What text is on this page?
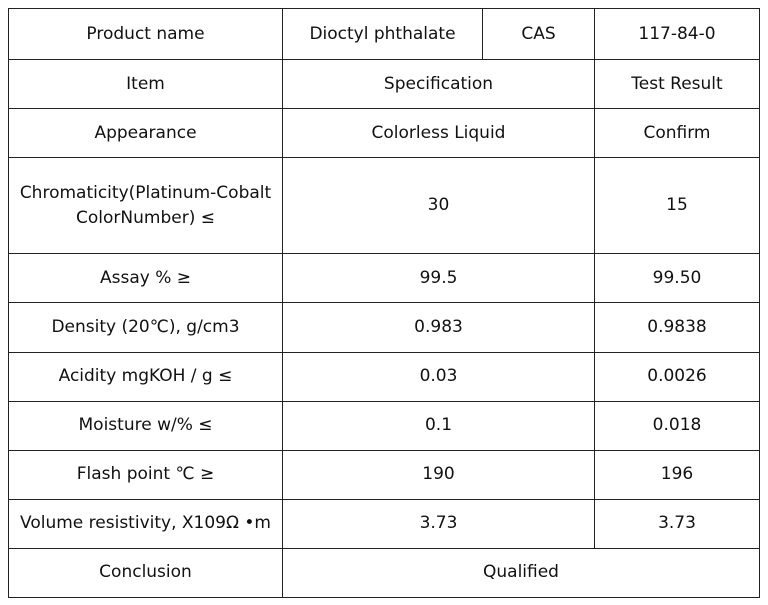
Product name	Dioctyl phthalate	CAS	117-84-0
Item	Specification		Test Result
Appearance	Colorless Liquid		Confirm

Chromaticity(Platinum-Cobalt
ColorNumber) ≤	30		15
Assay % ≥	99.5		99.50
Density (20℃), g/cm3	0.983		0.9838
Acidity mgKOH / g ≤	0.03		0.0026
Moisture w/% ≤	0.1		0.018
Flash point ℃ ≥	190		196
Volume resistivity, X109Ω •m	3.73		3.73
Conclusion	Qualified		
